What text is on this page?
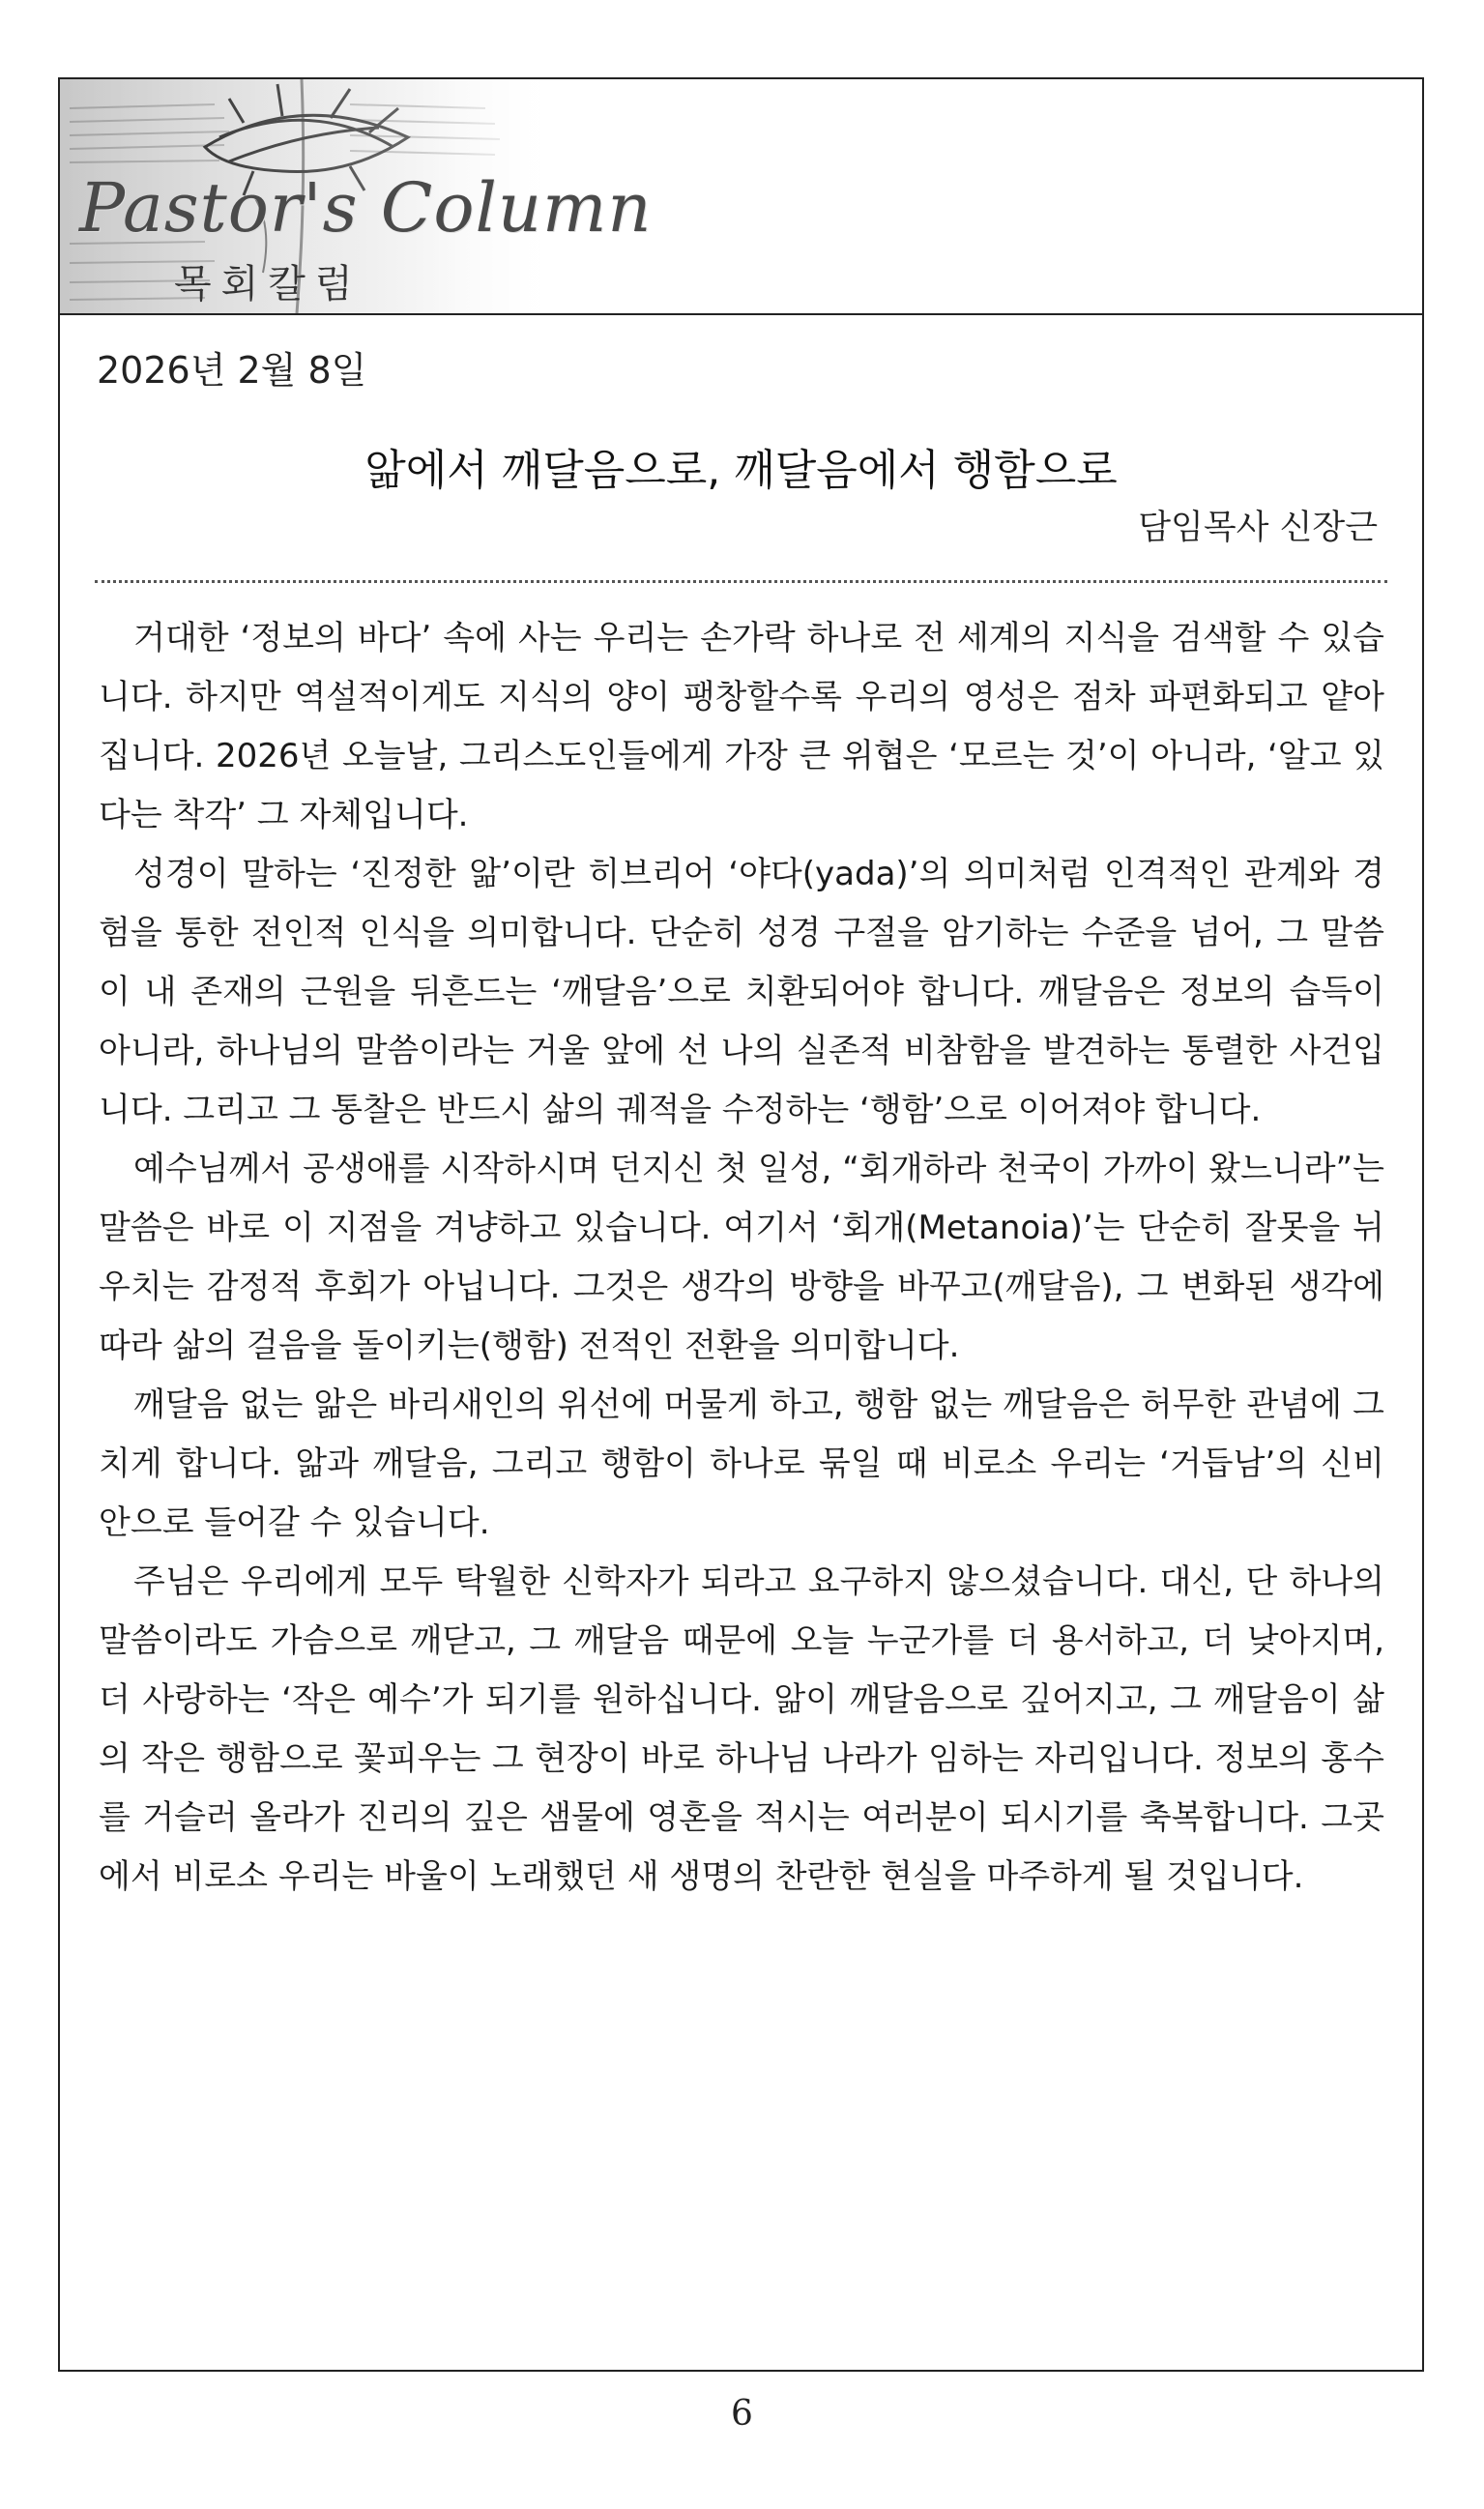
Pastor's Column
목회칼럼
2026년 2월 8일
앎에서 깨달음으로, 깨달음에서 행함으로
담임목사 신장근

거대한 ‘정보의 바다’ 속에 사는 우리는 손가락 하나로 전 세계의 지식을 검색할 수 있습니다. 하지만 역설적이게도 지식의 양이 팽창할수록 우리의 영성은 점차 파편화되고 얕아집니다. 2026년 오늘날, 그리스도인들에게 가장 큰 위협은 ‘모르는 것’이 아니라, ‘알고 있다는 착각’ 그 자체입니다.

성경이 말하는 ‘진정한 앎’이란 히브리어 ‘야다(yada)’의 의미처럼 인격적인 관계와 경험을 통한 전인적 인식을 의미합니다. 단순히 성경 구절을 암기하는 수준을 넘어, 그 말씀이 내 존재의 근원을 뒤흔드는 ‘깨달음’으로 치환되어야 합니다. 깨달음은 정보의 습득이 아니라, 하나님의 말씀이라는 거울 앞에 선 나의 실존적 비참함을 발견하는 통렬한 사건입니다. 그리고 그 통찰은 반드시 삶의 궤적을 수정하는 ‘행함’으로 이어져야 합니다.

예수님께서 공생애를 시작하시며 던지신 첫 일성, “회개하라 천국이 가까이 왔느니라”는 말씀은 바로 이 지점을 겨냥하고 있습니다. 여기서 ‘회개(Metanoia)’는 단순히 잘못을 뉘우치는 감정적 후회가 아닙니다. 그것은 생각의 방향을 바꾸고(깨달음), 그 변화된 생각에 따라 삶의 걸음을 돌이키는(행함) 전적인 전환을 의미합니다.

깨달음 없는 앎은 바리새인의 위선에 머물게 하고, 행함 없는 깨달음은 허무한 관념에 그치게 합니다. 앎과 깨달음, 그리고 행함이 하나로 묶일 때 비로소 우리는 ‘거듭남’의 신비 안으로 들어갈 수 있습니다.

주님은 우리에게 모두 탁월한 신학자가 되라고 요구하지 않으셨습니다. 대신, 단 하나의 말씀이라도 가슴으로 깨닫고, 그 깨달음 때문에 오늘 누군가를 더 용서하고, 더 낮아지며, 더 사랑하는 ‘작은 예수’가 되기를 원하십니다. 앎이 깨달음으로 깊어지고, 그 깨달음이 삶의 작은 행함으로 꽃피우는 그 현장이 바로 하나님 나라가 임하는 자리입니다. 정보의 홍수를 거슬러 올라가 진리의 깊은 샘물에 영혼을 적시는 여러분이 되시기를 축복합니다. 그곳에서 비로소 우리는 바울이 노래했던 새 생명의 찬란한 현실을 마주하게 될 것입니다.

6
